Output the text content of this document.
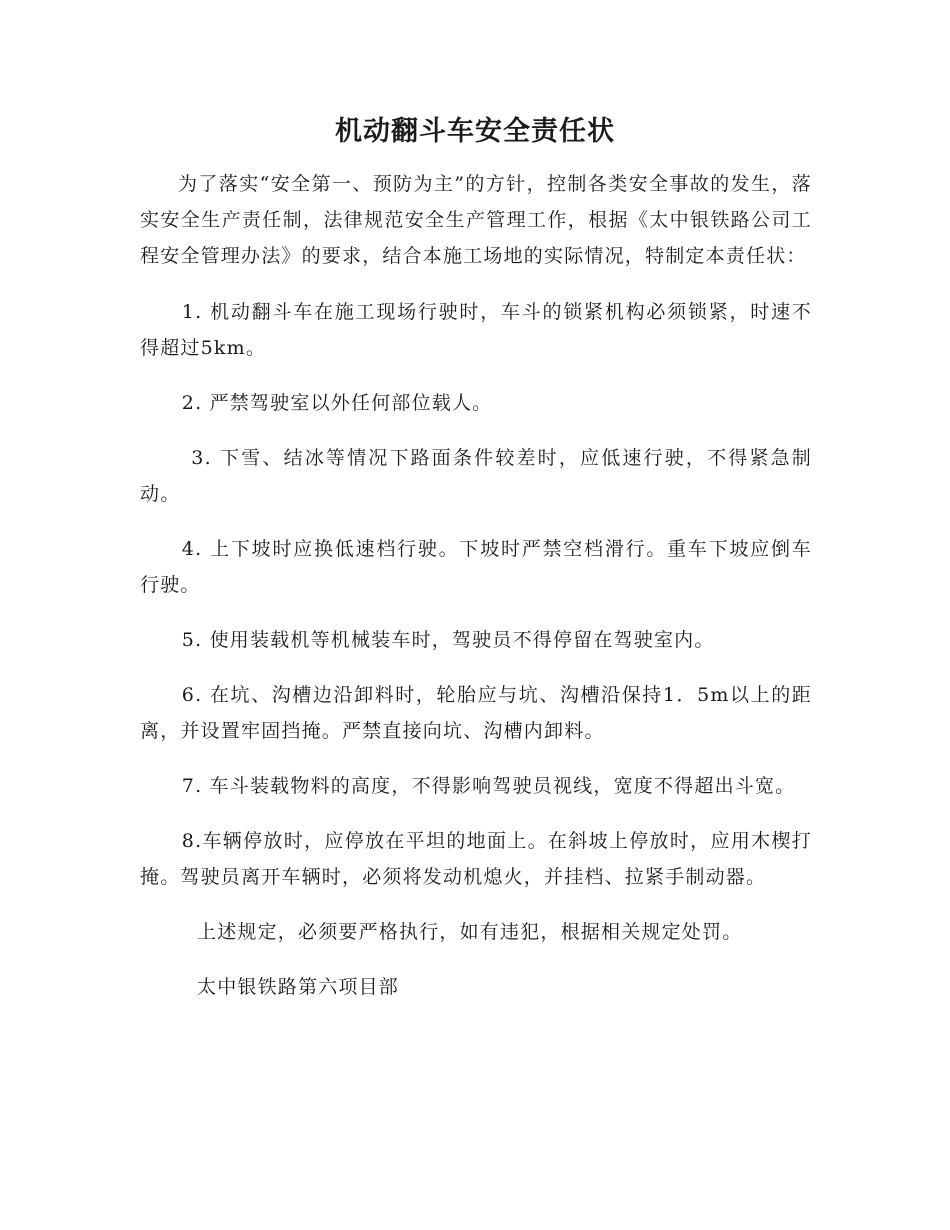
机动翻斗车安全责任状

为了落实“安全第一、预防为主”的方针，控制各类安全事故的发生，落实安全生产责任制，法律规范安全生产管理工作，根据《太中银铁路公司工程安全管理办法》的要求，结合本施工场地的实际情况，特制定本责任状：

1. 机动翻斗车在施工现场行驶时，车斗的锁紧机构必须锁紧，时速不得超过5km。

2. 严禁驾驶室以外任何部位载人。

3. 下雪、结冰等情况下路面条件较差时，应低速行驶，不得紧急制动。

4. 上下坡时应换低速档行驶。下坡时严禁空档滑行。重车下坡应倒车行驶。

5. 使用装载机等机械装车时，驾驶员不得停留在驾驶室内。

6. 在坑、沟槽边沿卸料时，轮胎应与坑、沟槽沿保持1．5m以上的距离，并设置牢固挡掩。严禁直接向坑、沟槽内卸料。

7. 车斗装载物料的高度，不得影响驾驶员视线，宽度不得超出斗宽。

8.车辆停放时，应停放在平坦的地面上。在斜坡上停放时，应用木楔打掩。驾驶员离开车辆时，必须将发动机熄火，并挂档、拉紧手制动器。

上述规定，必须要严格执行，如有违犯，根据相关规定处罚。

太中银铁路第六项目部
